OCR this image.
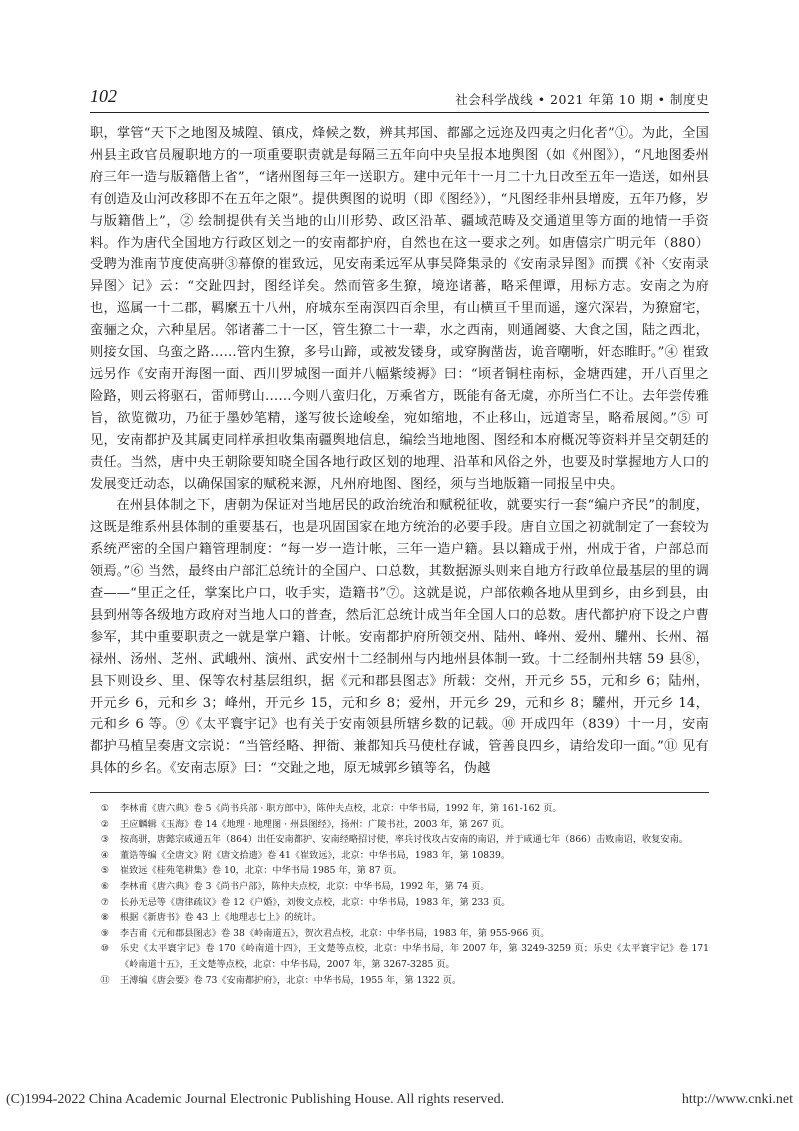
102	社会科学战线 • 2021 年第 10 期 • 制度史

职，掌管“天下之地图及城隍、镇戍，烽候之数，辨其邦国、都鄙之远迩及四夷之归化者”①。为此，全国州县主政官员履职地方的一项重要职责就是每隔三五年向中央呈报本地舆图（如《州图》），“凡地图委州府三年一造与版籍偕上省”，“诸州图每三年一送职方。建中元年十一月二十九日改至五年一造送，如州县有创造及山河改移即不在五年之限”。提供舆图的说明（即《图经》），“凡图经非州县增废，五年乃修，岁与版籍偕上”，② 绘制提供有关当地的山川形势、政区沿革、疆域范畴及交通道里等方面的地情一手资料。作为唐代全国地方行政区划之一的安南都护府，自然也在这一要求之列。如唐僖宗广明元年（880）受聘为淮南节度使高骈③幕僚的崔致远，见安南柔远军从事吴降集录的《安南录异图》而撰《补〈安南录异图〉记》云：“交趾四封，图经详矣。然而管多生獠，境迩诸蕃，略采俚谭，用标方志。安南之为府也，巡属一十二郡，羁縻五十八州，府城东至南溟四百余里，有山横亘千里而遥，邃穴深岩，为獠窟宅，蛮骊之众，六种星居。邻诸蕃二十一区，管生獠二十一辈，水之西南，则通阇婆、大食之国，陆之西北，则接女国、乌蛮之路……管内生獠，多号山蹄，或被发镂身，或穿胸凿齿，诡音嘲哳，奸态睢盱。”④ 崔致远另作《安南开海图一面、西川罗城图一面并八幅紫绫褥》曰：“顷者铜柱南标，金塘西建，开八百里之险路，则云将驱石，雷师劈山……今则八蛮归化，万乘省方，既能有备无虞，亦所当仁不让。去年尝传雅旨，欲览微功，乃征于墨妙笔精，遂写彼长途峻垒，宛如缩地，不止移山，远道寄呈，略希展阅。”⑤ 可见，安南都护及其属吏同样承担收集南疆舆地信息，编绘当地地图、图经和本府概况等资料并呈交朝廷的责任。当然，唐中央王朝除要知晓全国各地行政区划的地理、沿革和风俗之外，也要及时掌握地方人口的发展变迁动态，以确保国家的赋税来源，凡州府地图、图经，须与当地版籍一同报呈中央。

在州县体制之下，唐朝为保证对当地居民的政治统治和赋税征收，就要实行一套“编户齐民”的制度，这既是维系州县体制的重要基石，也是巩固国家在地方统治的必要手段。唐自立国之初就制定了一套较为系统严密的全国户籍管理制度：“每一岁一造计帐，三年一造户籍。县以籍成于州，州成于省，户部总而领焉。”⑥ 当然，最终由户部汇总统计的全国户、口总数，其数据源头则来自地方行政单位最基层的里的调查——“里正之任，掌案比户口，收手实，造籍书”⑦。这就是说，户部依赖各地从里到乡，由乡到县，由县到州等各级地方政府对当地人口的普查，然后汇总统计成当年全国人口的总数。唐代都护府下设之户曹参军，其中重要职责之一就是掌户籍、计帐。安南都护府所领交州、陆州、峰州、爱州、驩州、长州、福禄州、汤州、芝州、武峨州、演州、武安州十二经制州与内地州县体制一致。十二经制州共辖 59 县⑧，县下则设乡、里、保等农村基层组织，据《元和郡县图志》所载：交州，开元乡 55，元和乡 6；陆州，开元乡 6，元和乡 3；峰州，开元乡 15，元和乡 8；爱州，开元乡 29，元和乡 8；驩州，开元乡 14，元和乡 6 等。⑨《太平寰宇记》也有关于安南领县所辖乡数的记载。⑩ 开成四年（839）十一月，安南都护马植呈奏唐文宗说：“当管经略、押衙、兼都知兵马使杜存诚，管善良四乡，请给发印一面。”⑪ 见有具体的乡名。《安南志原》曰：“交趾之地，原无城郭乡镇等名，伪越

①	李林甫《唐六典》卷 5《尚书兵部 · 职方郎中》，陈仲夫点校，北京：中华书局，1992 年，第 161-162 页。

②	王应麟辑《玉海》卷 14《地理 · 地理图 · 州县图经》，扬州：广陵书社，2003 年，第 267 页。

③	按高骈，唐懿宗咸通五年（864）出任安南都护、安南经略招讨使，率兵讨伐攻占安南的南诏，并于咸通七年（866）击败南诏，收复安南。

④	董诰等编《全唐文》附《唐文拾遗》卷 41《崔致远》，北京：中华书局，1983 年，第 10839。

⑤	崔致远《桂苑笔耕集》卷 10，北京：中华书局 1985 年，第 87 页。

⑥	李林甫《唐六典》卷 3《尚书户部》，陈仲夫点校，北京：中华书局，1992 年，第 74 页。

⑦	长孙无忌等《唐律疏议》卷 12《户婚》，刘俊文点校，北京：中华书局，1983 年，第 233 页。

⑧	根据《新唐书》卷 43 上《地理志七上》的统计。

⑨	李吉甫《元和郡县图志》卷 38《岭南道五》，贺次君点校，北京：中华书局，1983 年，第 955-966 页。

⑩	乐史《太平寰宇记》卷 170《岭南道十四》，王文楚等点校，北京：中华书局，年 2007 年，第 3249-3259 页；乐史《太平寰宇记》卷 171《岭南道十五》，王文楚等点校，北京：中华书局，2007 年，第 3267-3285 页。

⑪	王溥编《唐会要》卷 73《安南都护府》，北京：中华书局，1955 年，第 1322 页。

(C)1994-2022 China Academic Journal Electronic Publishing House. All rights reserved.	http://www.cnki.net
